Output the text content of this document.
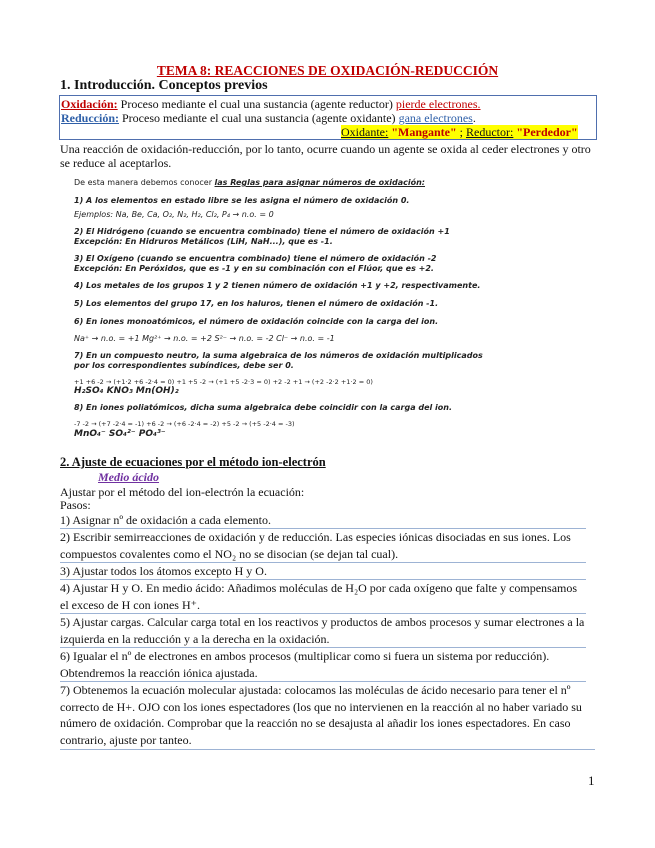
TEMA 8: REACCIONES DE OXIDACIÓN-REDUCCIÓN
1. Introducción. Conceptos previos
Oxidación: Proceso mediante el cual una sustancia (agente reductor) pierde electrones.
Reducción: Proceso mediante el cual una sustancia (agente oxidante) gana electrones.
Oxidante: "Mangante" ; Reductor: "Perdedor"
Una reacción de oxidación-reducción, por lo tanto, ocurre cuando un agente se oxida al ceder electrones y otro se reduce al aceptarlos.
De esta manera debemos conocer las Reglas para asignar números de oxidación:
1) A los elementos en estado libre se les asigna el número de oxidación 0.
Ejemplos: Na, Be, Ca, O₂, N₂, H₂, Cl₂, P₄ → n.o. = 0
2) El Hidrógeno (cuando se encuentra combinado) tiene el número de oxidación +1
Excepción: En Hidruros Metálicos (LiH, NaH...), que es -1.
3) El Oxígeno (cuando se encuentra combinado) tiene el número de oxidación -2
Excepción: En Peróxidos, que es -1 y en su combinación con el Flúor, que es +2.
4) Los metales de los grupos 1 y 2 tienen número de oxidación +1 y +2, respectivamente.
5) Los elementos del grupo 17, en los haluros, tienen el número de oxidación -1.
6) En iones monoatómicos, el número de oxidación coincide con la carga del ion.
Na⁺ → n.o. = +1 Mg²⁺ → n.o. = +2 S²⁻ → n.o. = -2 Cl⁻ → n.o. = -1
7) En un compuesto neutro, la suma algebraica de los números de oxidación multiplicados
por los correspondientes subíndices, debe ser 0.
+1 +6 -2 → (+1·2 +6 -2·4 = 0) +1 +5 -2 → (+1 +5 -2·3 = 0) +2 -2 +1 → (+2 -2·2 +1·2 = 0)
H₂SO₄ KNO₃ Mn(OH)₂
8) En iones poliatómicos, dicha suma algebraica debe coincidir con la carga del ion.
-7 -2 → (+7 -2·4 = -1) +6 -2 → (+6 -2·4 = -2) +5 -2 → (+5 -2·4 = -3)
MnO₄⁻ SO₄²⁻ PO₄³⁻
2. Ajuste de ecuaciones por el método ion-electrón
Medio ácido
Ajustar por el método del ion-electrón la ecuación:
Pasos:
1) Asignar nº de oxidación a cada elemento.
2) Escribir semirreacciones de oxidación y de reducción. Las especies iónicas disociadas en sus iones. Los compuestos covalentes como el NO₂ no se disocian (se dejan tal cual).
3) Ajustar todos los átomos excepto H y O.
4) Ajustar H y O. En medio ácido: Añadimos moléculas de H₂O por cada oxígeno que falte y compensamos el exceso de H con iones H⁺.
5) Ajustar cargas. Calcular carga total en los reactivos y productos de ambos procesos y sumar electrones a la izquierda en la reducción y a la derecha en la oxidación.
6) Igualar el nº de electrones en ambos procesos (multiplicar como si fuera un sistema por reducción). Obtendremos la reacción iónica ajustada.
7) Obtenemos la ecuación molecular ajustada: colocamos las moléculas de ácido necesario para tener el nº correcto de H+. OJO con los iones espectadores (los que no intervienen en la reacción al no haber variado su número de oxidación. Comprobar que la reacción no se desajusta al añadir los iones espectadores. En caso contrario, ajuste por tanteo.
1
